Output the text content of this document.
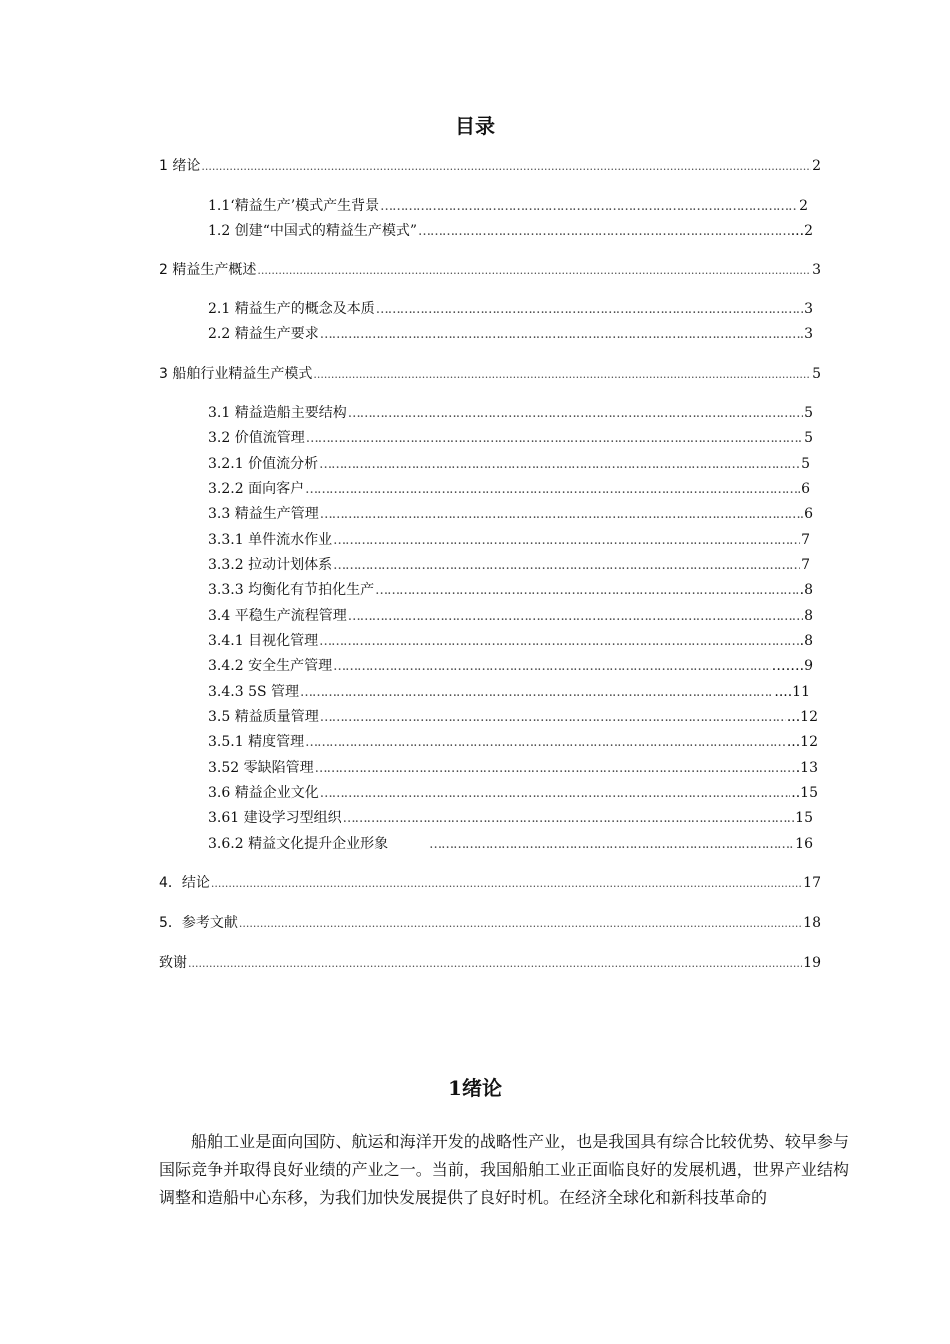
目录
1 绪论 .....	2
1.1‘精益生产’模式产生背景 ……………………………………………………………………………………………………………………………………………………………………………………………………	2
1.2 创建“中国式的精益生产模式” ……………………………………………………………………………………………………………………………………………………………………………………………………	...2
2 精益生产概述 .....	3
2.1 精益生产的概念及本质 ……………………………………………………………………………………………………………………………………………………………………………………………………	3
2.2 精益生产要求 ……………………………………………………………………………………………………………………………………………………………………………………………………	3
3 船舶行业精益生产模式 .....	5
3.1 精益造船主要结构 ……………………………………………………………………………………………………………………………………………………………………………………………………	5
3.2 价值流管理 ……………………………………………………………………………………………………………………………………………………………………………………………………	5
3.2.1 价值流分析 ……………………………………………………………………………………………………………………………………………………………………………………………………	5
3.2.2 面向客户 ……………………………………………………………………………………………………………………………………………………………………………………………………	6
3.3 精益生产管理 ……………………………………………………………………………………………………………………………………………………………………………………………………	6
3.3.1 单件流水作业 ……………………………………………………………………………………………………………………………………………………………………………………………………	7
3.3.2 拉动计划体系 ……………………………………………………………………………………………………………………………………………………………………………………………………	7
3.3.3 均衡化有节拍化生产 ……………………………………………………………………………………………………………………………………………………………………………………………………	.8
3.4 平稳生产流程管理 ……………………………………………………………………………………………………………………………………………………………………………………………………	8
3.4.1 目视化管理 ……………………………………………………………………………………………………………………………………………………………………………………………………	.8
3.4.2 安全生产管理 ……………………………………………………………………………………………………………………………………………………………………………………………………	…….9
3.4.3 5S 管理 ……………………………………………………………………………………………………………………………………………………………………………………………………	....11
3.5 精益质量管理 ……………………………………………………………………………………………………………………………………………………………………………………………………	...12
3.5.1 精度管理 ……………………………………………………………………………………………………………………………………………………………………………………………………	...12
3.52 零缺陷管理 ……………………………………………………………………………………………………………………………………………………………………………………………………	.13
3.6 精益企业文化 ……………………………………………………………………………………………………………………………………………………………………………………………………	..15
3.61 建设学习型组织 ……………………………………………………………………………………………………………………………………………………………………………………………………	15
3.6.2 精益文化提升企业形象 ……………………………………………………………………………………………………………………………………………………………………………………………………	16
4．结论 .....	17
5．参考文献 .....	18
致谢 .....	19
1绪论

船舶工业是面向国防、航运和海洋开发的战略性产业，也是我国具有综合比较优势、较早参与国际竞争并取得良好业绩的产业之一。当前，我国船舶工业正面临良好的发展机遇，世界产业结构调整和造船中心东移，为我们加快发展提供了良好时机。在经济全球化和新科技革命的
